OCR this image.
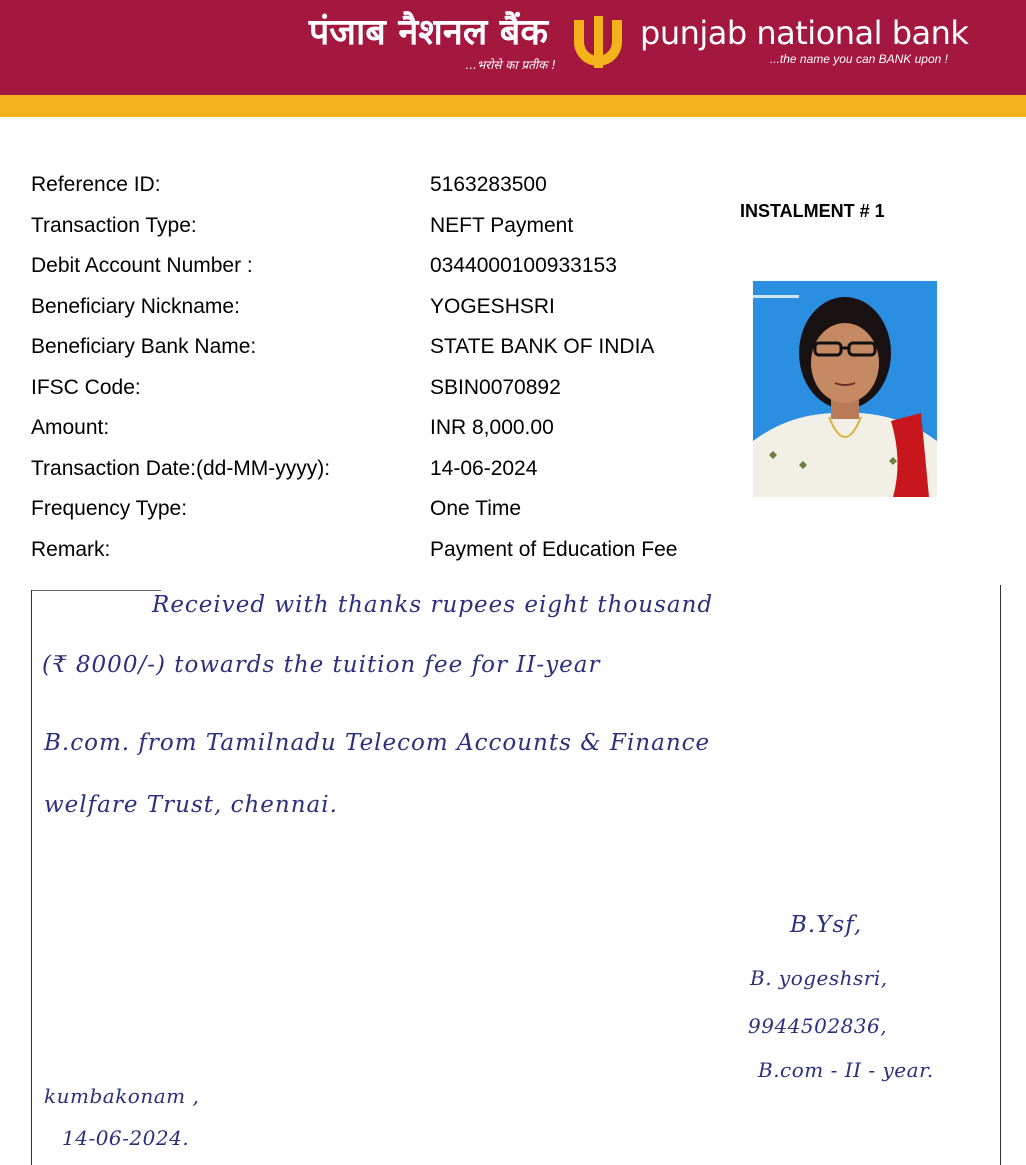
पंजाब नैशनल बैंक
...भरोसे का प्रतीक !
punjab national bank
...the name you can BANK upon !
Reference ID:	5163283500
Transaction Type:	NEFT Payment
Debit Account Number :	0344000100933153
Beneficiary Nickname:	YOGESHSRI
Beneficiary Bank Name:	STATE BANK OF INDIA
IFSC Code:	SBIN0070892
Amount:	INR 8,000.00
Transaction Date:(dd-MM-yyyy):	14-06-2024
Frequency Type:	One Time
Remark:	Payment of Education Fee
INSTALMENT # 1
Received with thanks rupees eight thousand
(₹ 8000/-) towards the tuition fee for II-year
B.com. from Tamilnadu Telecom Accounts & Finance
welfare Trust, chennai.
B.Ysf,
B. yogeshsri,
9944502836,
B.com - II - year.
kumbakonam ,
14-06-2024.
